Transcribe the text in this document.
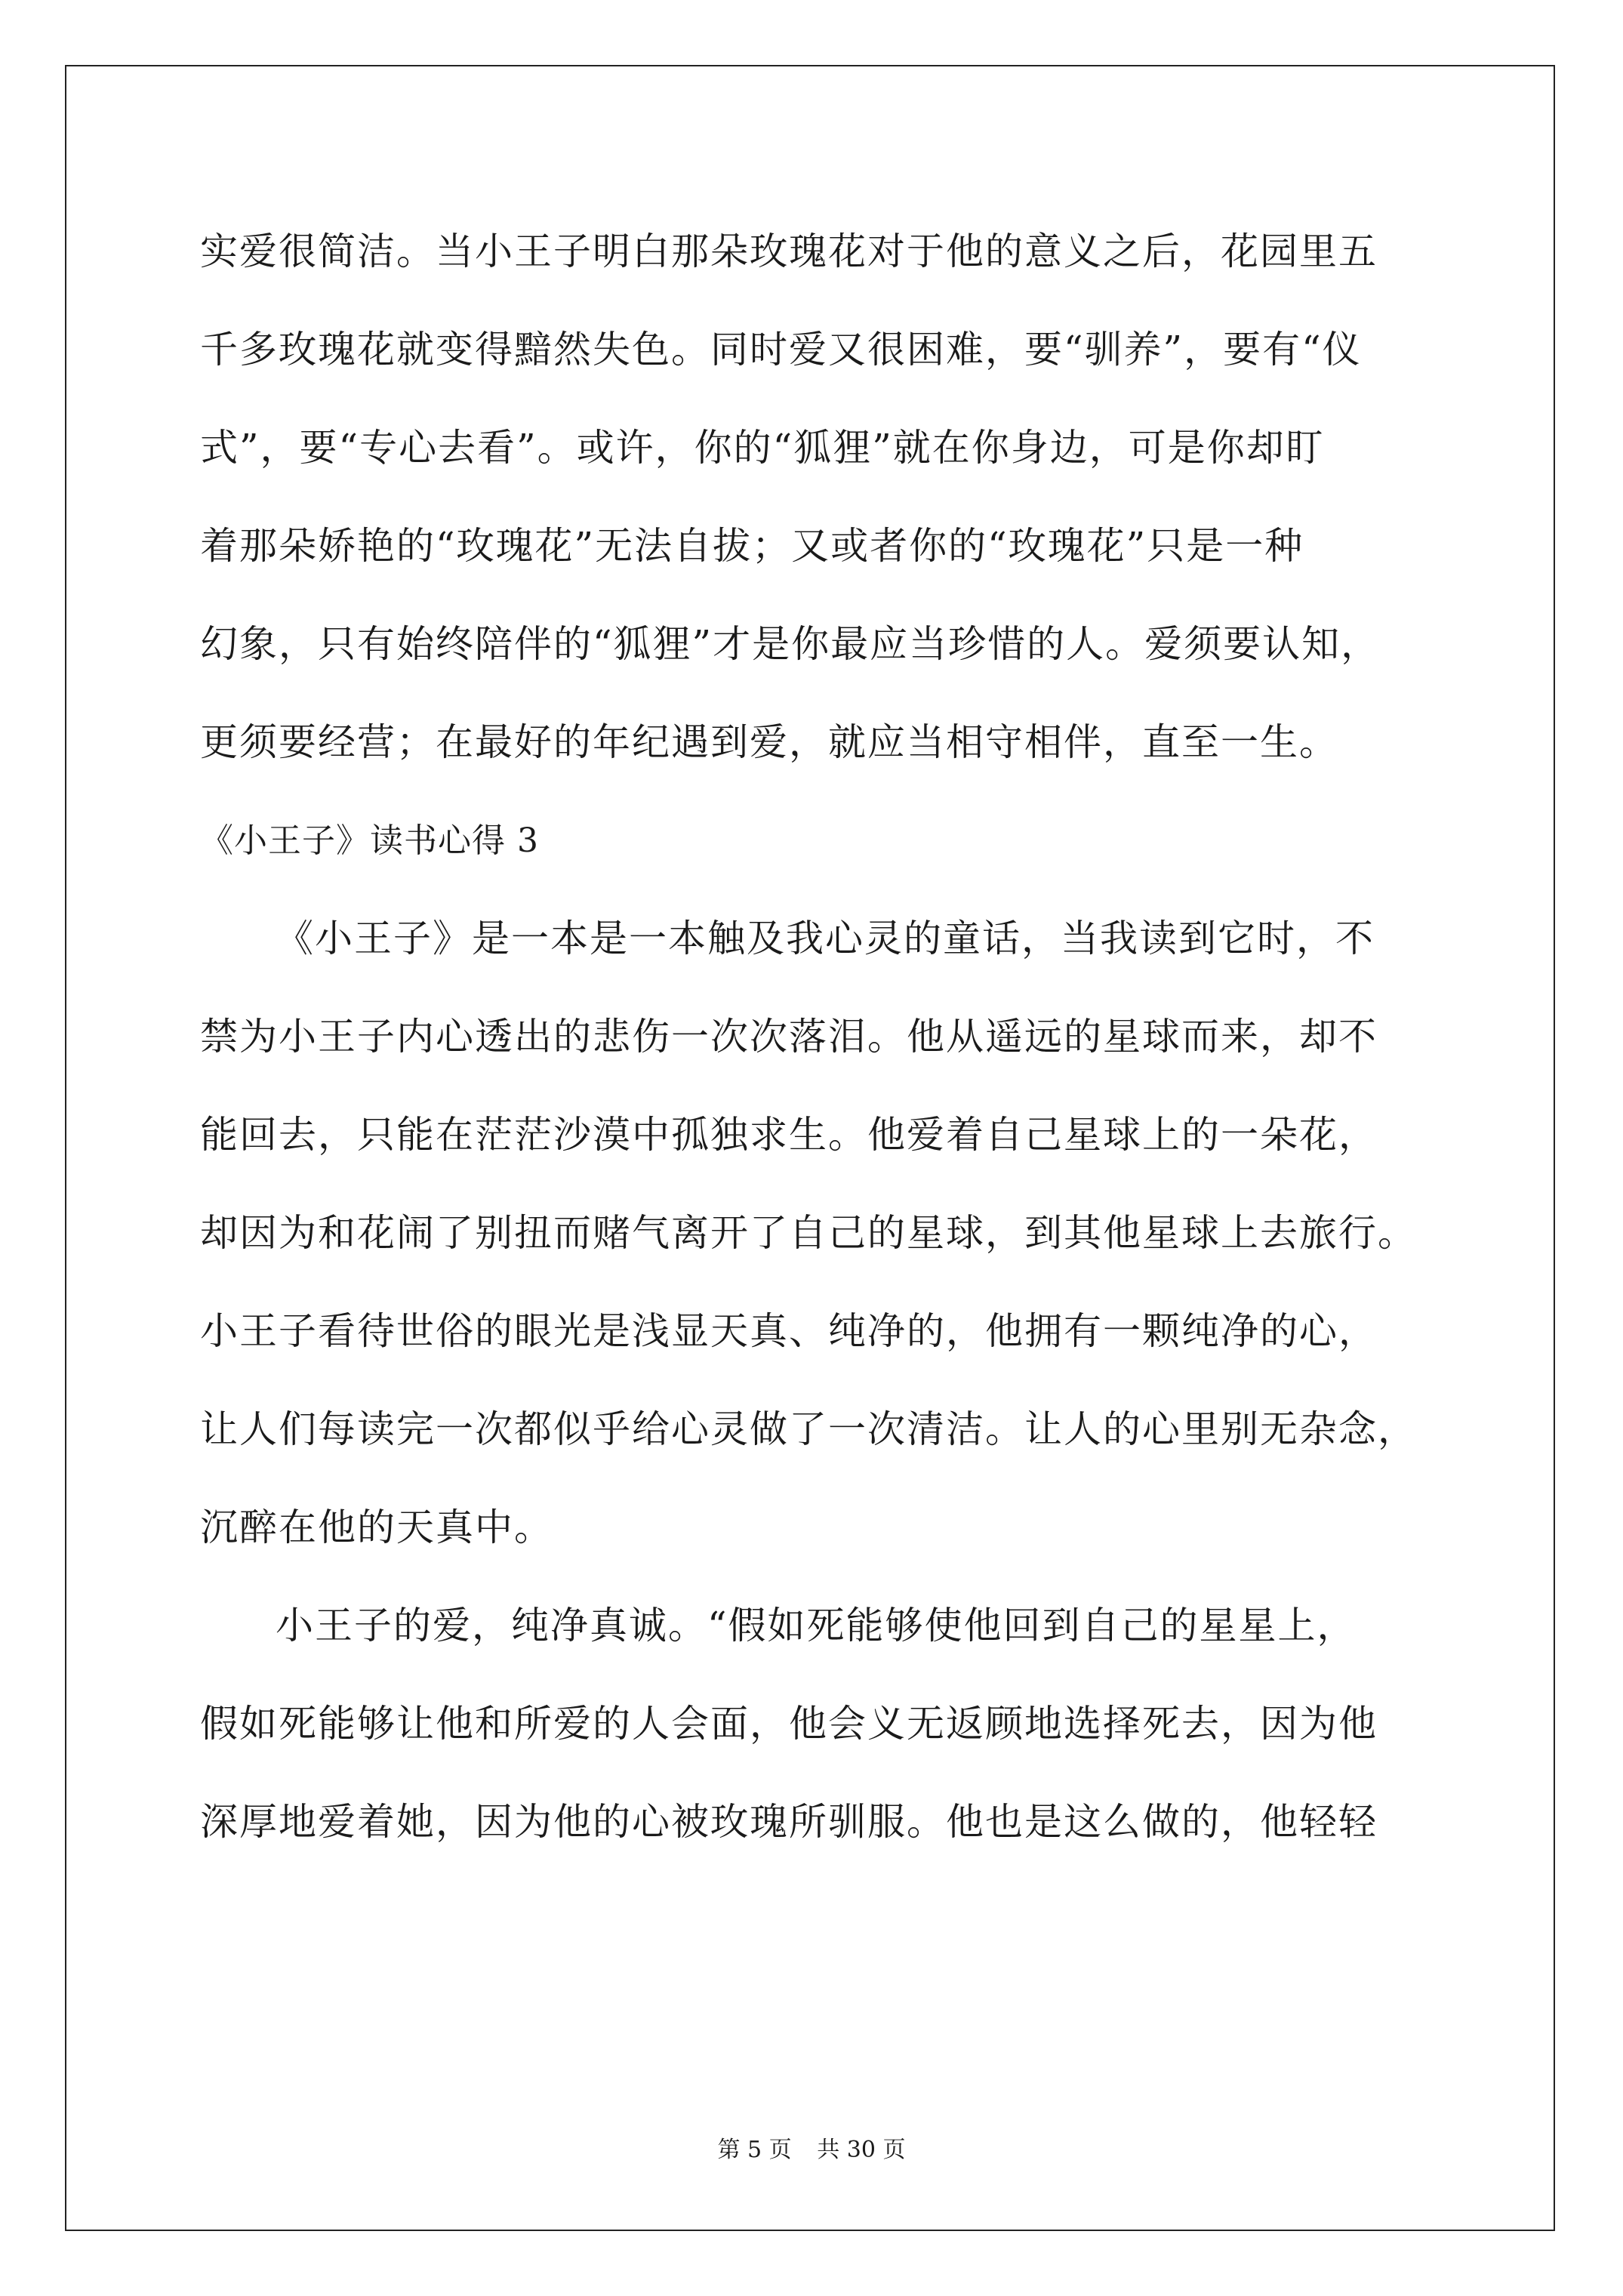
实爱很简洁。当小王子明白那朵玫瑰花对于他的意义之后，花园里五
千多玫瑰花就变得黯然失色。同时爱又很困难，要“驯养”，要有“仪
式”，要“专心去看”。或许，你的“狐狸”就在你身边，可是你却盯
着那朵娇艳的“玫瑰花”无法自拔；又或者你的“玫瑰花”只是一种
幻象，只有始终陪伴的“狐狸”才是你最应当珍惜的人。爱须要认知，
更须要经营；在最好的年纪遇到爱，就应当相守相伴，直至一生。
《小王子》读书心得 3
《小王子》是一本是一本触及我心灵的童话，当我读到它时，不
禁为小王子内心透出的悲伤一次次落泪。他从遥远的星球而来，却不
能回去，只能在茫茫沙漠中孤独求生。他爱着自己星球上的一朵花，
却因为和花闹了别扭而赌气离开了自己的星球，到其他星球上去旅行。
小王子看待世俗的眼光是浅显天真、纯净的，他拥有一颗纯净的心，
让人们每读完一次都似乎给心灵做了一次清洁。让人的心里别无杂念，
沉醉在他的天真中。
小王子的爱，纯净真诚。“假如死能够使他回到自己的星星上，
假如死能够让他和所爱的人会面，他会义无返顾地选择死去，因为他
深厚地爱着她，因为他的心被玫瑰所驯服。他也是这么做的，他轻轻
第 5 页 共 30 页
